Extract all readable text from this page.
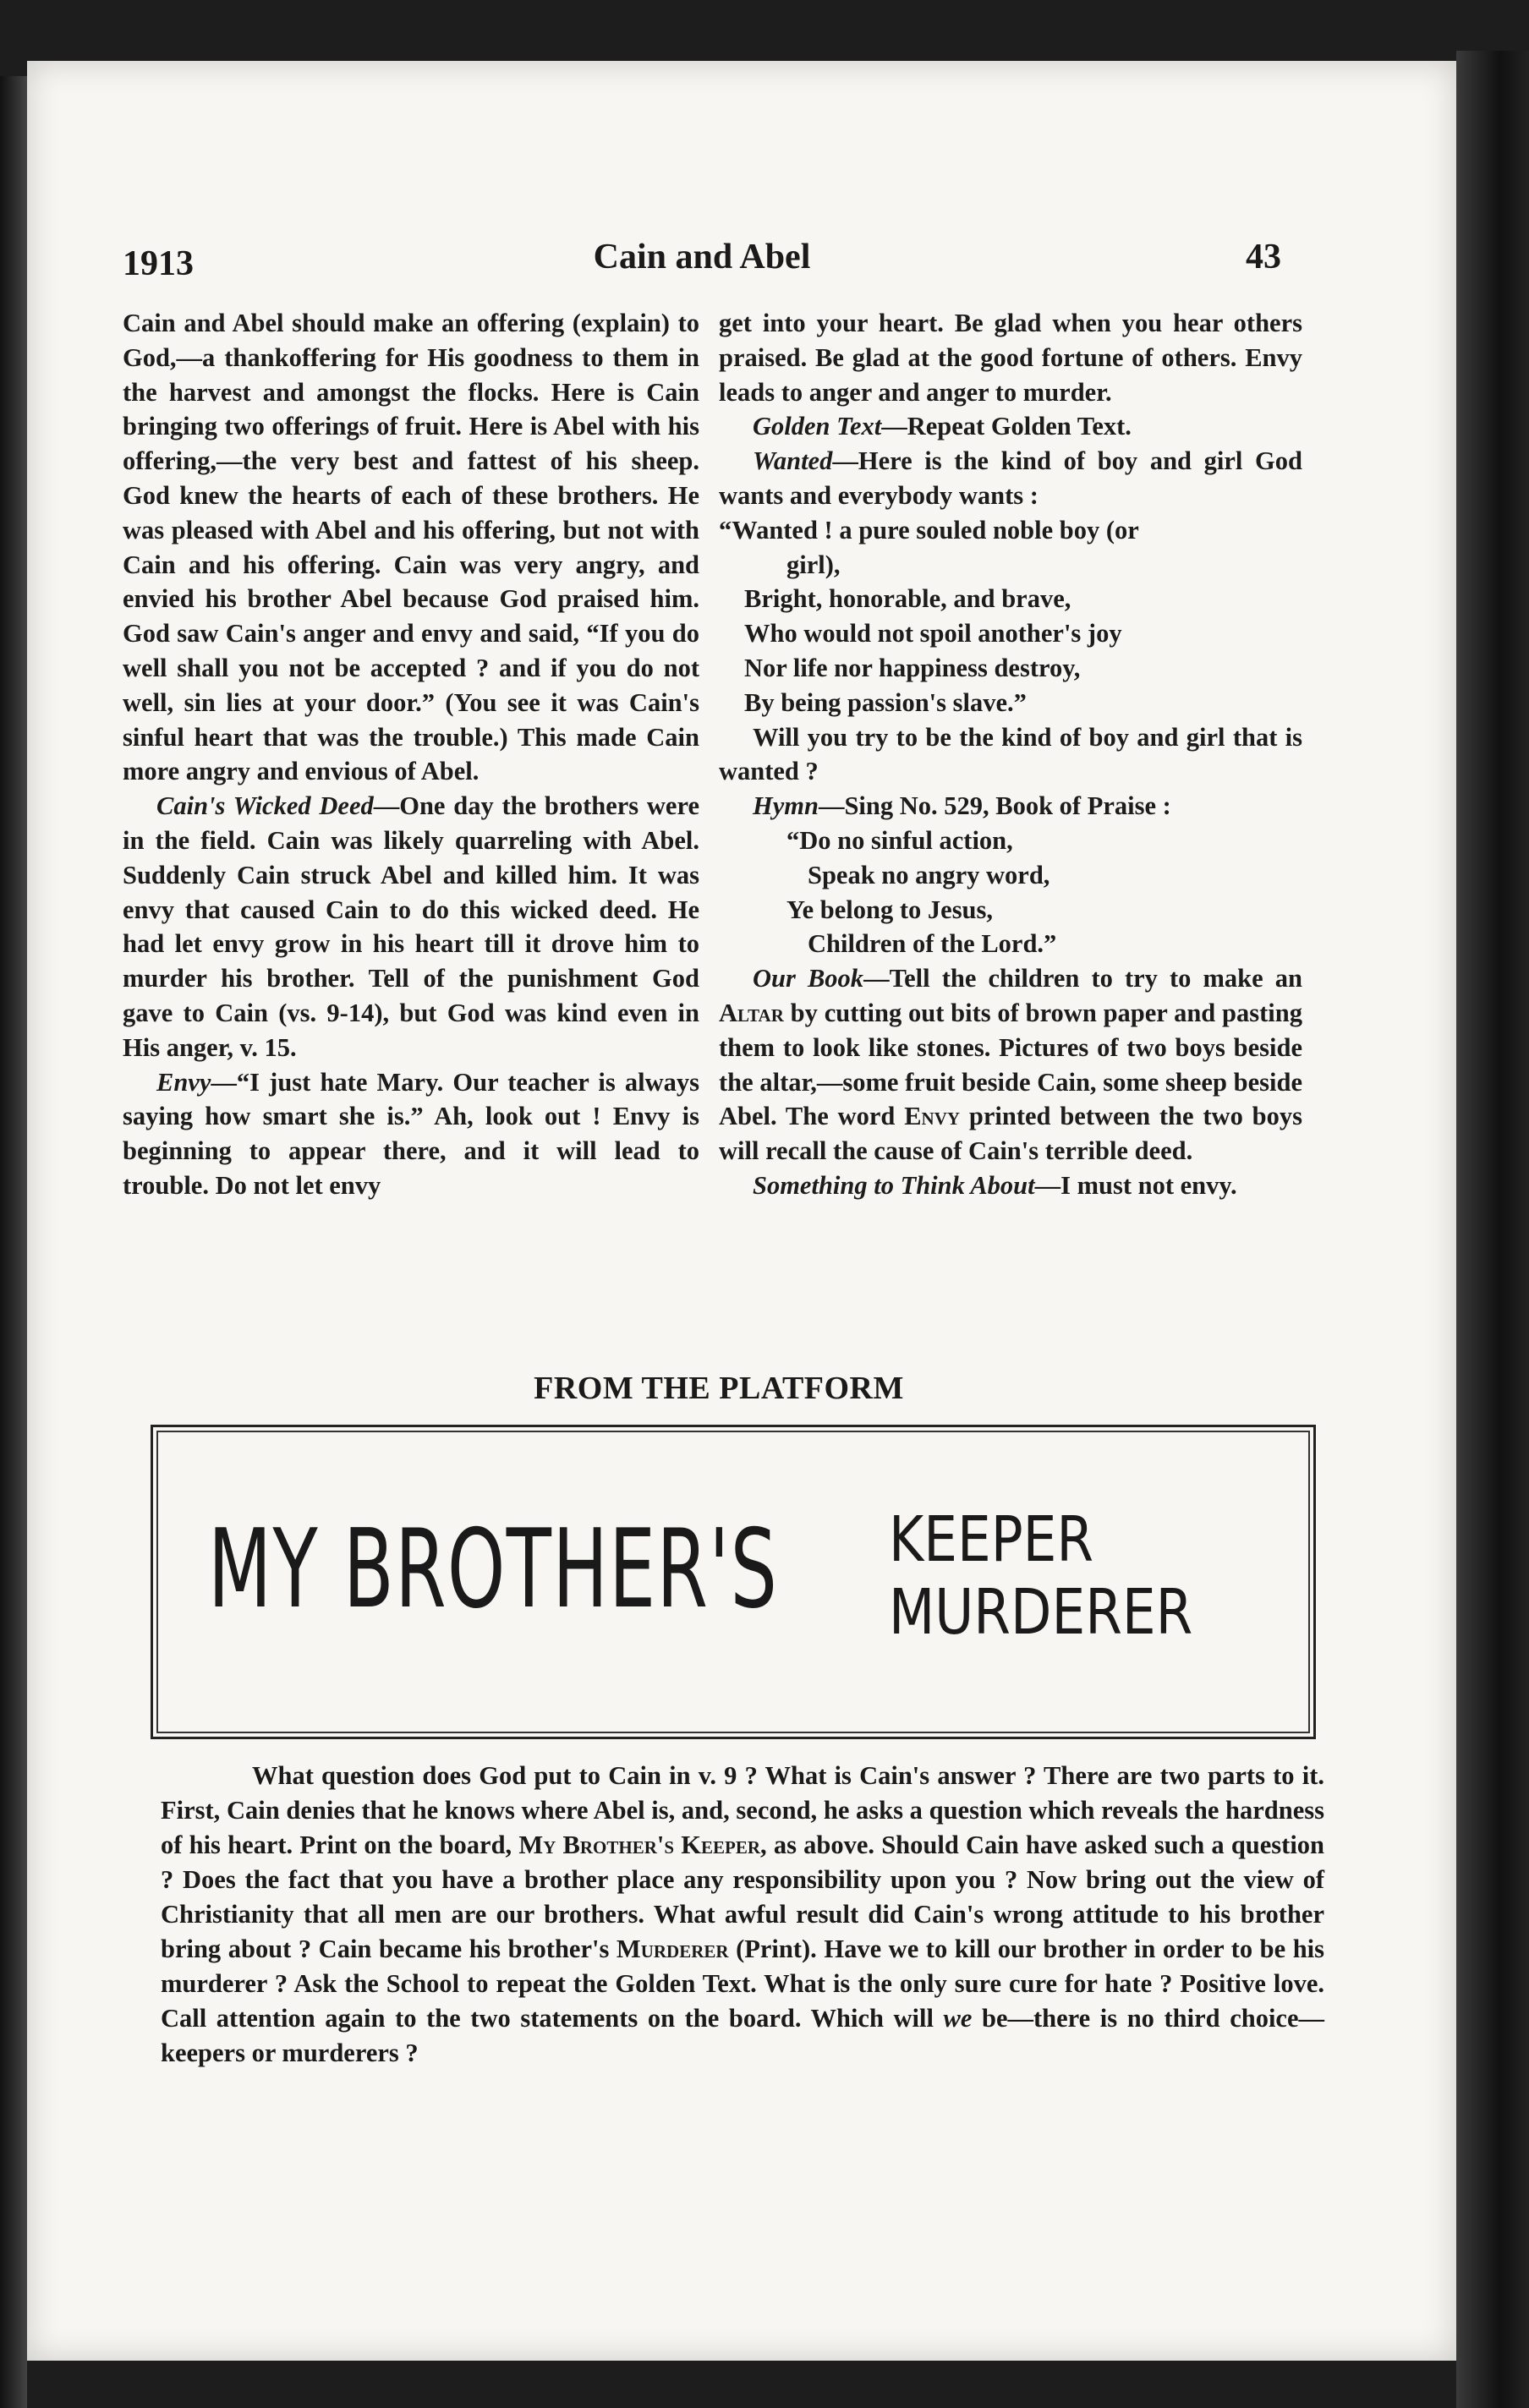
1913	Cain and Abel	43

Cain and Abel should make an offering (explain) to God,—a thankoffering for His goodness to them in the harvest and amongst the flocks. Here is Cain bringing two offerings of fruit. Here is Abel with his offering,—the very best and fattest of his sheep. God knew the hearts of each of these brothers. He was pleased with Abel and his offering, but not with Cain and his offering. Cain was very angry, and envied his brother Abel because God praised him. God saw Cain's anger and envy and said, “If you do well shall you not be accepted ? and if you do not well, sin lies at your door.” (You see it was Cain's sinful heart that was the trouble.) This made Cain more angry and envious of Abel.

Cain's Wicked Deed—One day the brothers were in the field. Cain was likely quarreling with Abel. Suddenly Cain struck Abel and killed him. It was envy that caused Cain to do this wicked deed. He had let envy grow in his heart till it drove him to murder his brother. Tell of the punishment God gave to Cain (vs. 9-14), but God was kind even in His anger, v. 15.

Envy—“I just hate Mary. Our teacher is always saying how smart she is.” Ah, look out ! Envy is beginning to appear there, and it will lead to trouble. Do not let envy

get into your heart. Be glad when you hear others praised. Be glad at the good fortune of others. Envy leads to anger and anger to murder.

Golden Text—Repeat Golden Text.

Wanted—Here is the kind of boy and girl God wants and everybody wants :

“Wanted ! a pure souled noble boy (or

girl),

Bright, honorable, and brave,

Who would not spoil another's joy

Nor life nor happiness destroy,

By being passion's slave.”

Will you try to be the kind of boy and girl that is wanted ?

Hymn—Sing No. 529, Book of Praise :

“Do no sinful action,

Speak no angry word,

Ye belong to Jesus,

Children of the Lord.”

Our Book—Tell the children to try to make an Altar by cutting out bits of brown paper and pasting them to look like stones. Pictures of two boys beside the altar,—some fruit beside Cain, some sheep beside Abel. The word Envy printed between the two boys will recall the cause of Cain's terrible deed.

Something to Think About—I must not envy.

FROM THE PLATFORM
MY BROTHER'S KEEPER
MURDERER

What question does God put to Cain in v. 9 ? What is Cain's answer ? There are two parts to it. First, Cain denies that he knows where Abel is, and, second, he asks a question which reveals the hardness of his heart. Print on the board, My Brother's Keeper, as above. Should Cain have asked such a question ? Does the fact that you have a brother place any responsibility upon you ? Now bring out the view of Christianity that all men are our brothers. What awful result did Cain's wrong attitude to his brother bring about ? Cain became his brother's Murderer (Print). Have we to kill our brother in order to be his murderer ? Ask the School to repeat the Golden Text. What is the only sure cure for hate ? Positive love. Call attention again to the two statements on the board. Which will we be—there is no third choice—keepers or murderers ?
